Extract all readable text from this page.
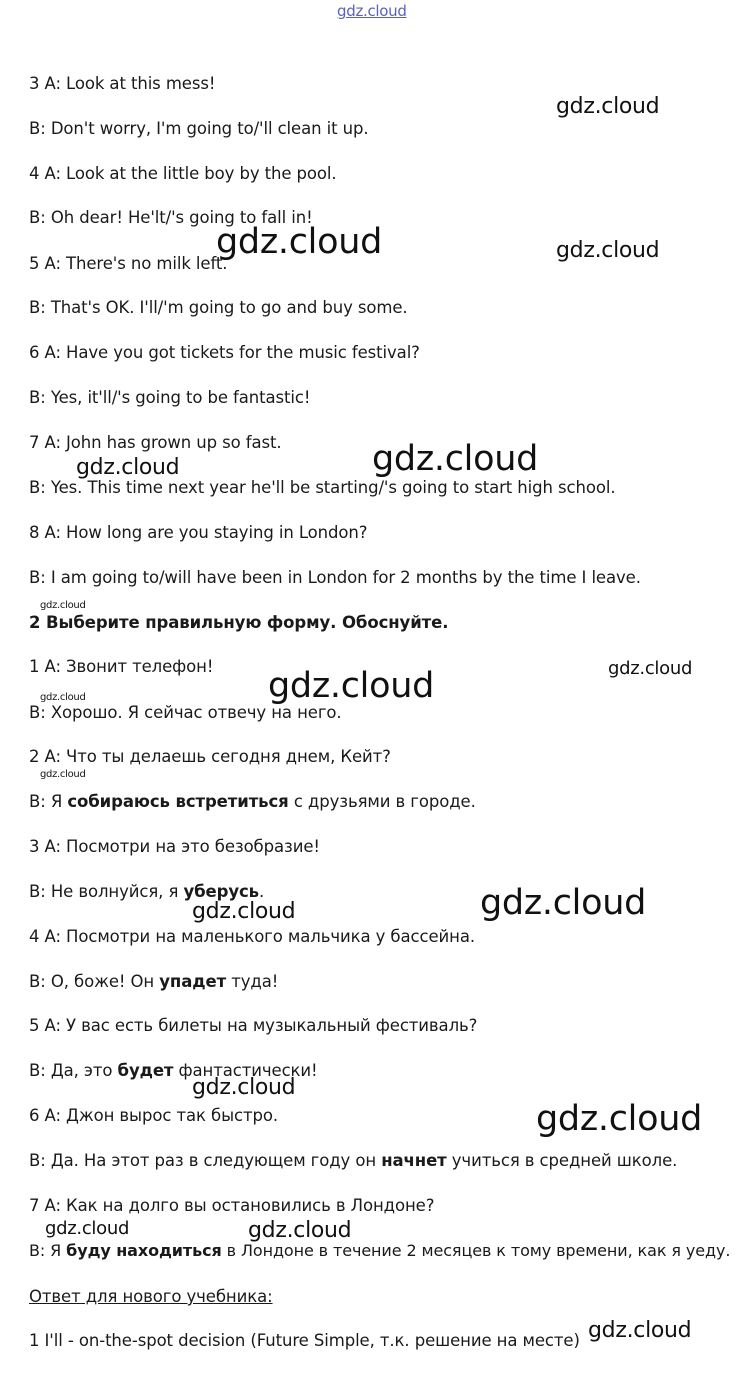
gdz.cloud
3 A: Look at this mess!
B: Don't worry, I'm going to/'ll clean it up.
4 A: Look at the little boy by the pool.
B: Oh dear! He'lt/'s going to fall in!
5 A: There's no milk left.
B: That's OK. I'll/'m going to go and buy some.
6 A: Have you got tickets for the music festival?
B: Yes, it'll/'s going to be fantastic!
7 A: John has grown up so fast.
B: Yes. This time next year he'll be starting/'s going to start high school.
8 A: How long are you staying in London?
B: I am going to/will have been in London for 2 months by the time I leave.
2 Выберите правильную форму. Обоснуйте.
1 A: Звонит телефон!
B: Хорошо. Я сейчас отвечу на него.
2 A: Что ты делаешь сегодня днем, Кейт?
B: Я собираюсь встретиться с друзьями в городе.
3 A: Посмотри на это безобразие!
B: Не волнуйся, я уберусь.
4 A: Посмотри на маленького мальчика у бассейна.
B: О, боже! Он упадет туда!
5 A: У вас есть билеты на музыкальный фестиваль?
B: Да, это будет фантастически!
6 A: Джон вырос так быстро.
B: Да. На этот раз в следующем году он начнет учиться в средней школе.
7 A: Как на долго вы остановились в Лондоне?
B: Я буду находиться в Лондоне в течение 2 месяцев к тому времени, как я уеду.
Ответ для нового учебника:
1 I'll - on-the-spot decision (Future Simple, т.к. решение на месте)
gdz.cloud
gdz.cloud	gdz.cloud
gdz.cloud
gdz.cloud
gdz.cloud
gdz.cloud
gdz.cloud
gdz.cloud
gdz.cloud
gdz.cloud
gdz.cloud
gdz.cloud
gdz.cloud
gdz.cloud	gdz.cloud
gdz.cloud
